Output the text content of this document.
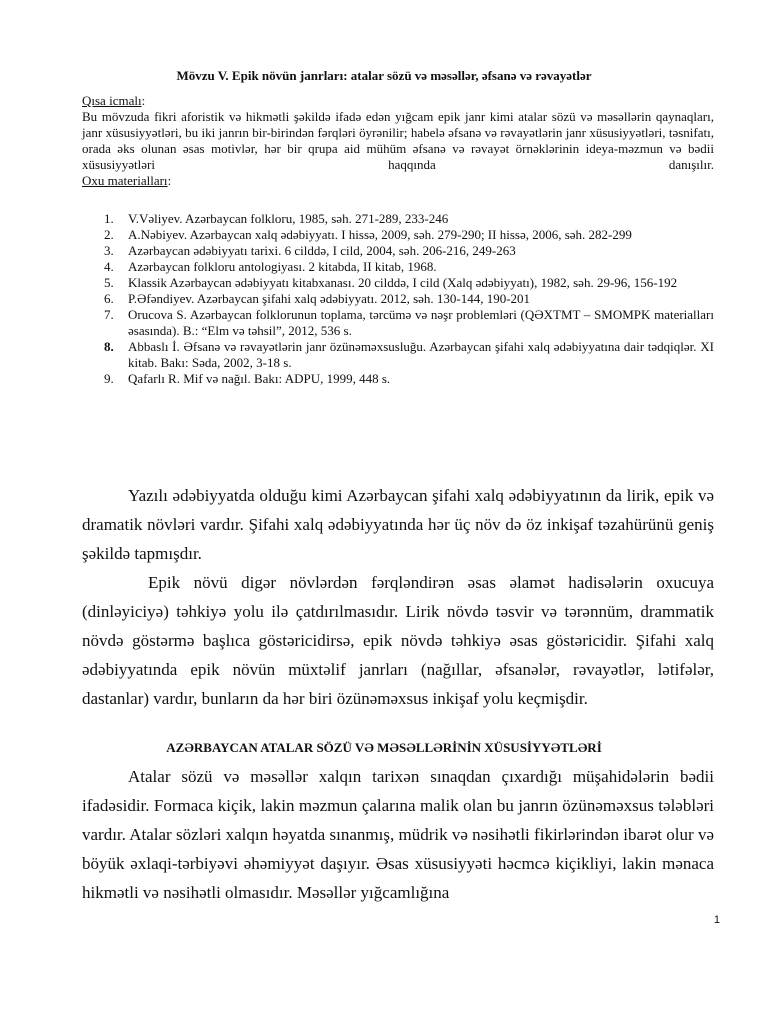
Mövzu V. Epik növün janrları: atalar sözü və məsəllər, əfsanə və rəvayətlər
Qısa icmalı:

Bu mövzuda fikri aforistik və hikmətli şəkildə ifadə edən yığcam epik janr kimi atalar sözü və məsəllərin qaynaqları, janr xüsusiyyətləri, bu iki janrın bir-birindən fərqləri öyrənilir; habelə əfsanə və rəvayətlərin janr xüsusiyyətləri, təsnifatı, orada əks olunan əsas motivlər, hər bir qrupa aid mühüm əfsanə və rəvayət örnəklərinin ideya-məzmun və bədii xüsusiyyətləri haqqında danışılır.

Oxu materialları:
1.	V.Vəliyev. Azərbaycan folkloru, 1985, səh. 271-289, 233-246
2.	A.Nəbiyev. Azərbaycan xalq ədəbiyyatı. I hissə, 2009, səh. 279-290; II hissə, 2006, səh. 282-299
3.	Azərbaycan ədəbiyyatı tarixi. 6 cilddə, I cild, 2004, səh. 206-216, 249-263
4.	Azərbaycan folkloru antologiyası. 2 kitabda, II kitab, 1968.
5.	Klassik Azərbaycan ədəbiyyatı kitabxanası. 20 cilddə, I cild (Xalq ədəbiyyatı), 1982, səh. 29-96, 156-192
6.	P.Əfəndiyev. Azərbaycan şifahi xalq ədəbiyyatı. 2012, səh. 130-144, 190-201
7.	Orucova S. Azərbaycan folklorunun toplama, tərcümə və nəşr problemləri (QƏXTMT – SMOMPK materialları əsasında). B.: “Elm və təhsil”, 2012, 536 s.
8.	Abbaslı İ. Əfsanə və rəvayətlərin janr özünəməxsusluğu. Azərbaycan şifahi xalq ədəbiyyatına dair tədqiqlər. XI kitab. Bakı: Səda, 2002, 3-18 s.
9.	Qafarlı R. Mif və nağıl. Bakı: ADPU, 1999, 448 s.

Yazılı ədəbiyyatda olduğu kimi Azərbaycan şifahi xalq ədəbiyyatının da lirik, epik və dramatik növləri vardır. Şifahi xalq ədəbiyyatında hər üç növ də öz inkişaf təzahürünü geniş şəkildə tapmışdır.

Epik növü digər növlərdən fərqləndirən əsas əlamət hadisələrin oxucuya (dinləyiciyə) təhkiyə yolu ilə çatdırılmasıdır. Lirik növdə təsvir və tərənnüm, drammatik növdə göstərmə başlıca göstəricidirsə, epik növdə təhkiyə əsas göstəricidir. Şifahi xalq ədəbiyyatında epik növün müxtəlif janrları (nağıllar, əfsanələr, rəvayətlər, lətifələr, dastanlar) vardır, bunların da hər biri özünəməxsus inkişaf yolu keçmişdir.

AZƏRBAYCAN ATALAR SÖZÜ VƏ MƏSƏLLƏRİNİN XÜSUSİYYƏTLƏRİ

Atalar sözü və məsəllər xalqın tarixən sınaqdan çıxardığı müşahidələrin bədii ifadəsidir. Formaca kiçik, lakin məzmun çalarına malik olan bu janrın özünəməxsus tələbləri vardır. Atalar sözləri xalqın həyatda sınanmış, müdrik və nəsihətli fikirlərindən ibarət olur və böyük əxlaqi-tərbiyəvi əhəmiyyət daşıyır. Əsas xüsusiyyəti həcmcə kiçikliyi, lakin mənaca hikmətli və nəsihətli olmasıdır. Məsəllər yığcamlığına

1
